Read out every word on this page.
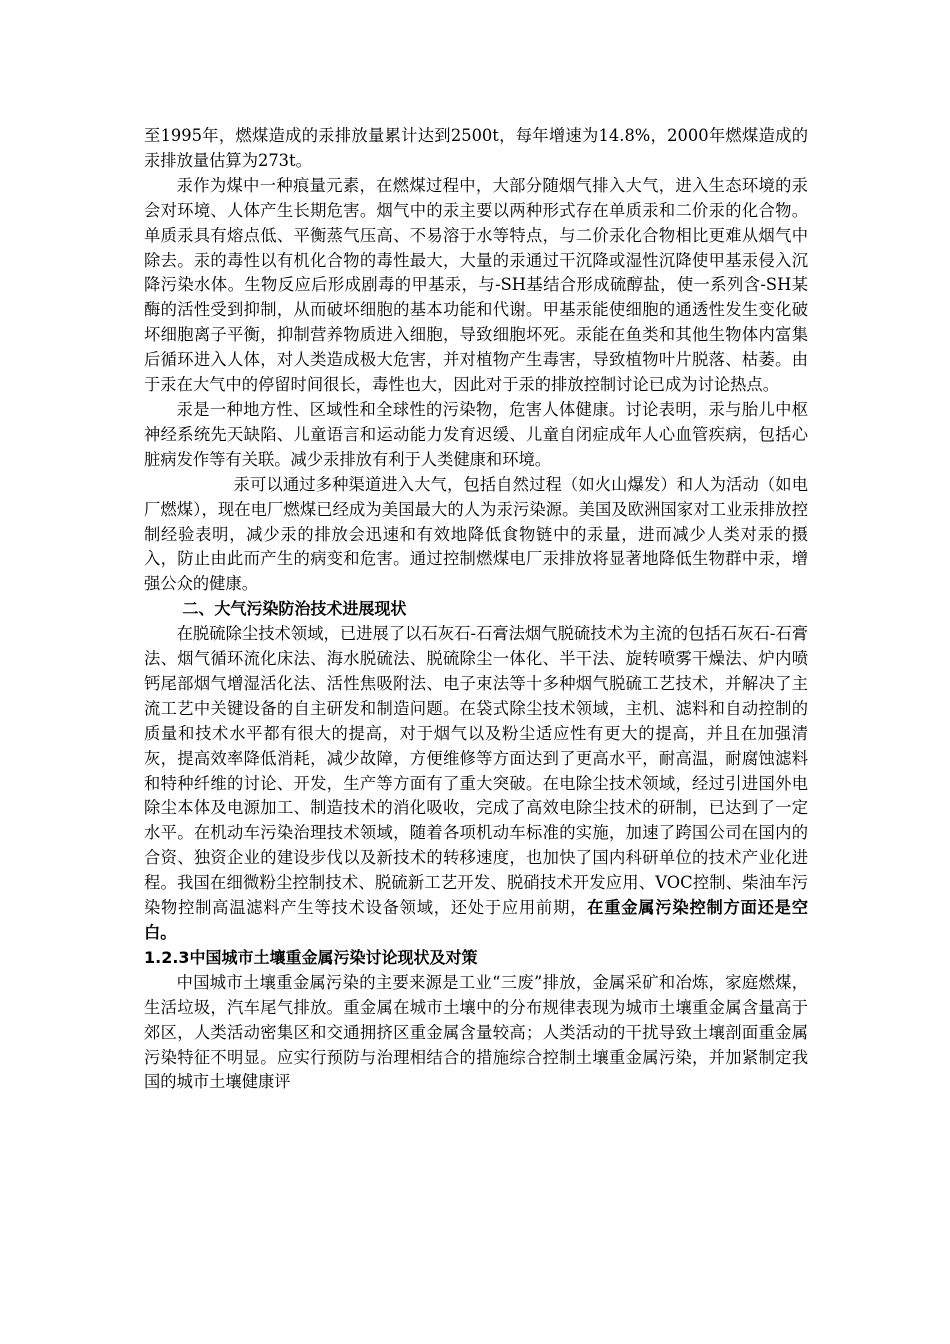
至1995年，燃煤造成的汞排放量累计达到2500t，每年增速为14.8%，2000年燃煤造成的汞排放量估算为273t。

汞作为煤中一种痕量元素，在燃煤过程中，大部分随烟气排入大气，进入生态环境的汞会对环境、人体产生长期危害。烟气中的汞主要以两种形式存在单质汞和二价汞的化合物。单质汞具有熔点低、平衡蒸气压高、不易溶于水等特点，与二价汞化合物相比更难从烟气中除去。汞的毒性以有机化合物的毒性最大，大量的汞通过干沉降或湿性沉降使甲基汞侵入沉降污染水体。生物反应后形成剧毒的甲基汞，与-SH基结合形成硫醇盐，使一系列含-SH某酶的活性受到抑制，从而破坏细胞的基本功能和代谢。甲基汞能使细胞的通透性发生变化破坏细胞离子平衡，抑制营养物质进入细胞，导致细胞坏死。汞能在鱼类和其他生物体内富集后循环进入人体，对人类造成极大危害，并对植物产生毒害，导致植物叶片脱落、枯萎。由于汞在大气中的停留时间很长，毒性也大，因此对于汞的排放控制讨论已成为讨论热点。

汞是一种地方性、区域性和全球性的污染物，危害人体健康。讨论表明，汞与胎儿中枢神经系统先天缺陷、儿童语言和运动能力发育迟缓、儿童自闭症成年人心血管疾病，包括心脏病发作等有关联。减少汞排放有利于人类健康和环境。

汞可以通过多种渠道进入大气，包括自然过程（如火山爆发）和人为活动（如电厂燃煤），现在电厂燃煤已经成为美国最大的人为汞污染源。美国及欧洲国家对工业汞排放控制经验表明，减少汞的排放会迅速和有效地降低食物链中的汞量，进而减少人类对汞的摄入，防止由此而产生的病变和危害。通过控制燃煤电厂汞排放将显著地降低生物群中汞，增强公众的健康。

二、大气污染防治技术进展现状

在脱硫除尘技术领域，已进展了以石灰石-石膏法烟气脱硫技术为主流的包括石灰石-石膏法、烟气循环流化床法、海水脱硫法、脱硫除尘一体化、半干法、旋转喷雾干燥法、炉内喷钙尾部烟气增湿活化法、活性焦吸附法、电子束法等十多种烟气脱硫工艺技术，并解决了主流工艺中关键设备的自主研发和制造问题。在袋式除尘技术领域，主机、滤料和自动控制的质量和技术水平都有很大的提高，对于烟气以及粉尘适应性有更大的提高，并且在加强清灰，提高效率降低消耗，减少故障，方便维修等方面达到了更高水平，耐高温，耐腐蚀滤料和特种纤维的讨论、开发，生产等方面有了重大突破。在电除尘技术领域，经过引进国外电除尘本体及电源加工、制造技术的消化吸收，完成了高效电除尘技术的研制，已达到了一定水平。在机动车污染治理技术领域，随着各项机动车标准的实施，加速了跨国公司在国内的合资、独资企业的建设步伐以及新技术的转移速度，也加快了国内科研单位的技术产业化进程。我国在细微粉尘控制技术、脱硫新工艺开发、脱硝技术开发应用、VOC控制、柴油车污染物控制高温滤料产生等技术设备领域，还处于应用前期，在重金属污染控制方面还是空白。

1.2.3中国城市土壤重金属污染讨论现状及对策

中国城市土壤重金属污染的主要来源是工业“三废”排放，金属采矿和冶炼，家庭燃煤，生活垃圾，汽车尾气排放。重金属在城市土壤中的分布规律表现为城市土壤重金属含量高于郊区，人类活动密集区和交通拥挤区重金属含量较高；人类活动的干扰导致土壤剖面重金属污染特征不明显。应实行预防与治理相结合的措施综合控制土壤重金属污染，并加紧制定我国的城市土壤健康评
